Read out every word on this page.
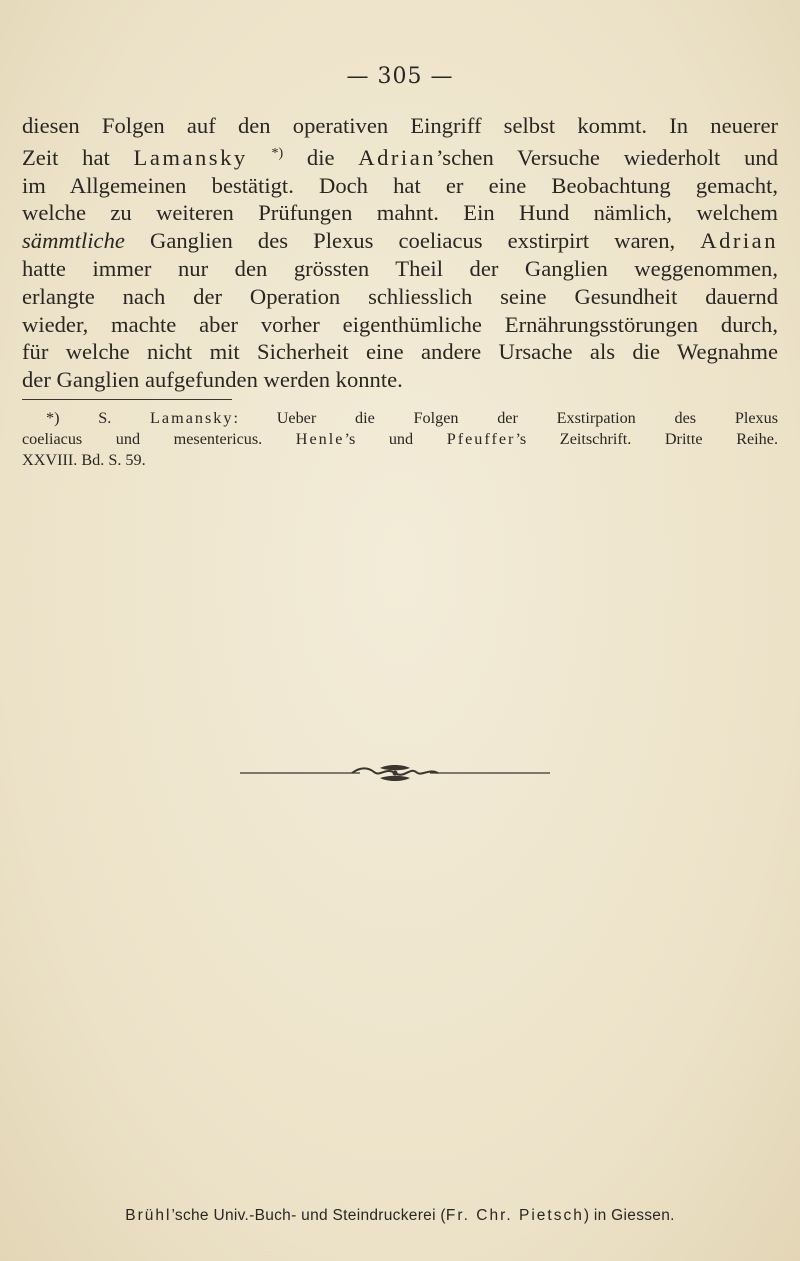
— 305 —
diesen Folgen auf den operativen Eingriff selbst kommt. In neuerer
Zeit hat Lamansky *) die Adrian’schen Versuche wiederholt und
im Allgemeinen bestätigt. Doch hat er eine Beobachtung gemacht,
welche zu weiteren Prüfungen mahnt. Ein Hund nämlich, welchem
sämmtliche Ganglien des Plexus coeliacus exstirpirt waren, Adrian
hatte immer nur den grössten Theil der Ganglien weggenommen,
erlangte nach der Operation schliesslich seine Gesundheit dauernd
wieder, machte aber vorher eigenthümliche Ernährungsstörungen durch,
für welche nicht mit Sicherheit eine andere Ursache als die Wegnahme
der Ganglien aufgefunden werden konnte.
*) S. Lamansky: Ueber die Folgen der Exstirpation des Plexus
coeliacus und mesentericus. Henle’s und Pfeuffer’s Zeitschrift. Dritte Reihe.
XXVIII. Bd. S. 59.
Brühl’sche Univ.-Buch- und Steindruckerei (Fr. Chr. Pietsch) in Giessen.
